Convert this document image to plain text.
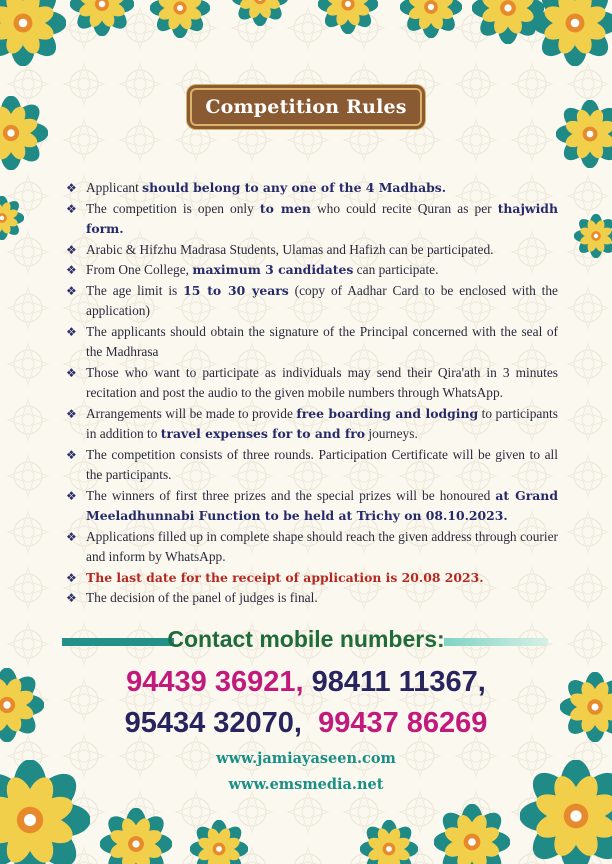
Competition Rules
❖ Applicant should belong to any one of the 4 Madhabs.
❖ The competition is open only to men who could recite Quran as per thajwidh form.
❖ Arabic & Hifzhu Madrasa Students, Ulamas and Hafizh can be participated.
❖ From One College, maximum 3 candidates can participate.
❖ The age limit is 15 to 30 years (copy of Aadhar Card to be enclosed with the application)
❖ The applicants should obtain the signature of the Principal concerned with the seal of the Madhrasa
❖ Those who want to participate as individuals may send their Qira'ath in 3 minutes recitation and post the audio to the given mobile numbers through WhatsApp.
❖ Arrangements will be made to provide free boarding and lodging to participants in addition to travel expenses for to and fro journeys.
❖ The competition consists of three rounds. Participation Certificate will be given to all the participants.
❖ The winners of first three prizes and the special prizes will be honoured at Grand Meeladhunnabi Function to be held at Trichy on 08.10.2023.
❖ Applications filled up in complete shape should reach the given address through courier and inform by WhatsApp.
❖ The last date for the receipt of application is 20.08 2023.
❖ The decision of the panel of judges is final.
Contact mobile numbers:
94439 36921, 98411 11367,
95434 32070,  99437 86269
www.jamiayaseen.com
www.emsmedia.net
